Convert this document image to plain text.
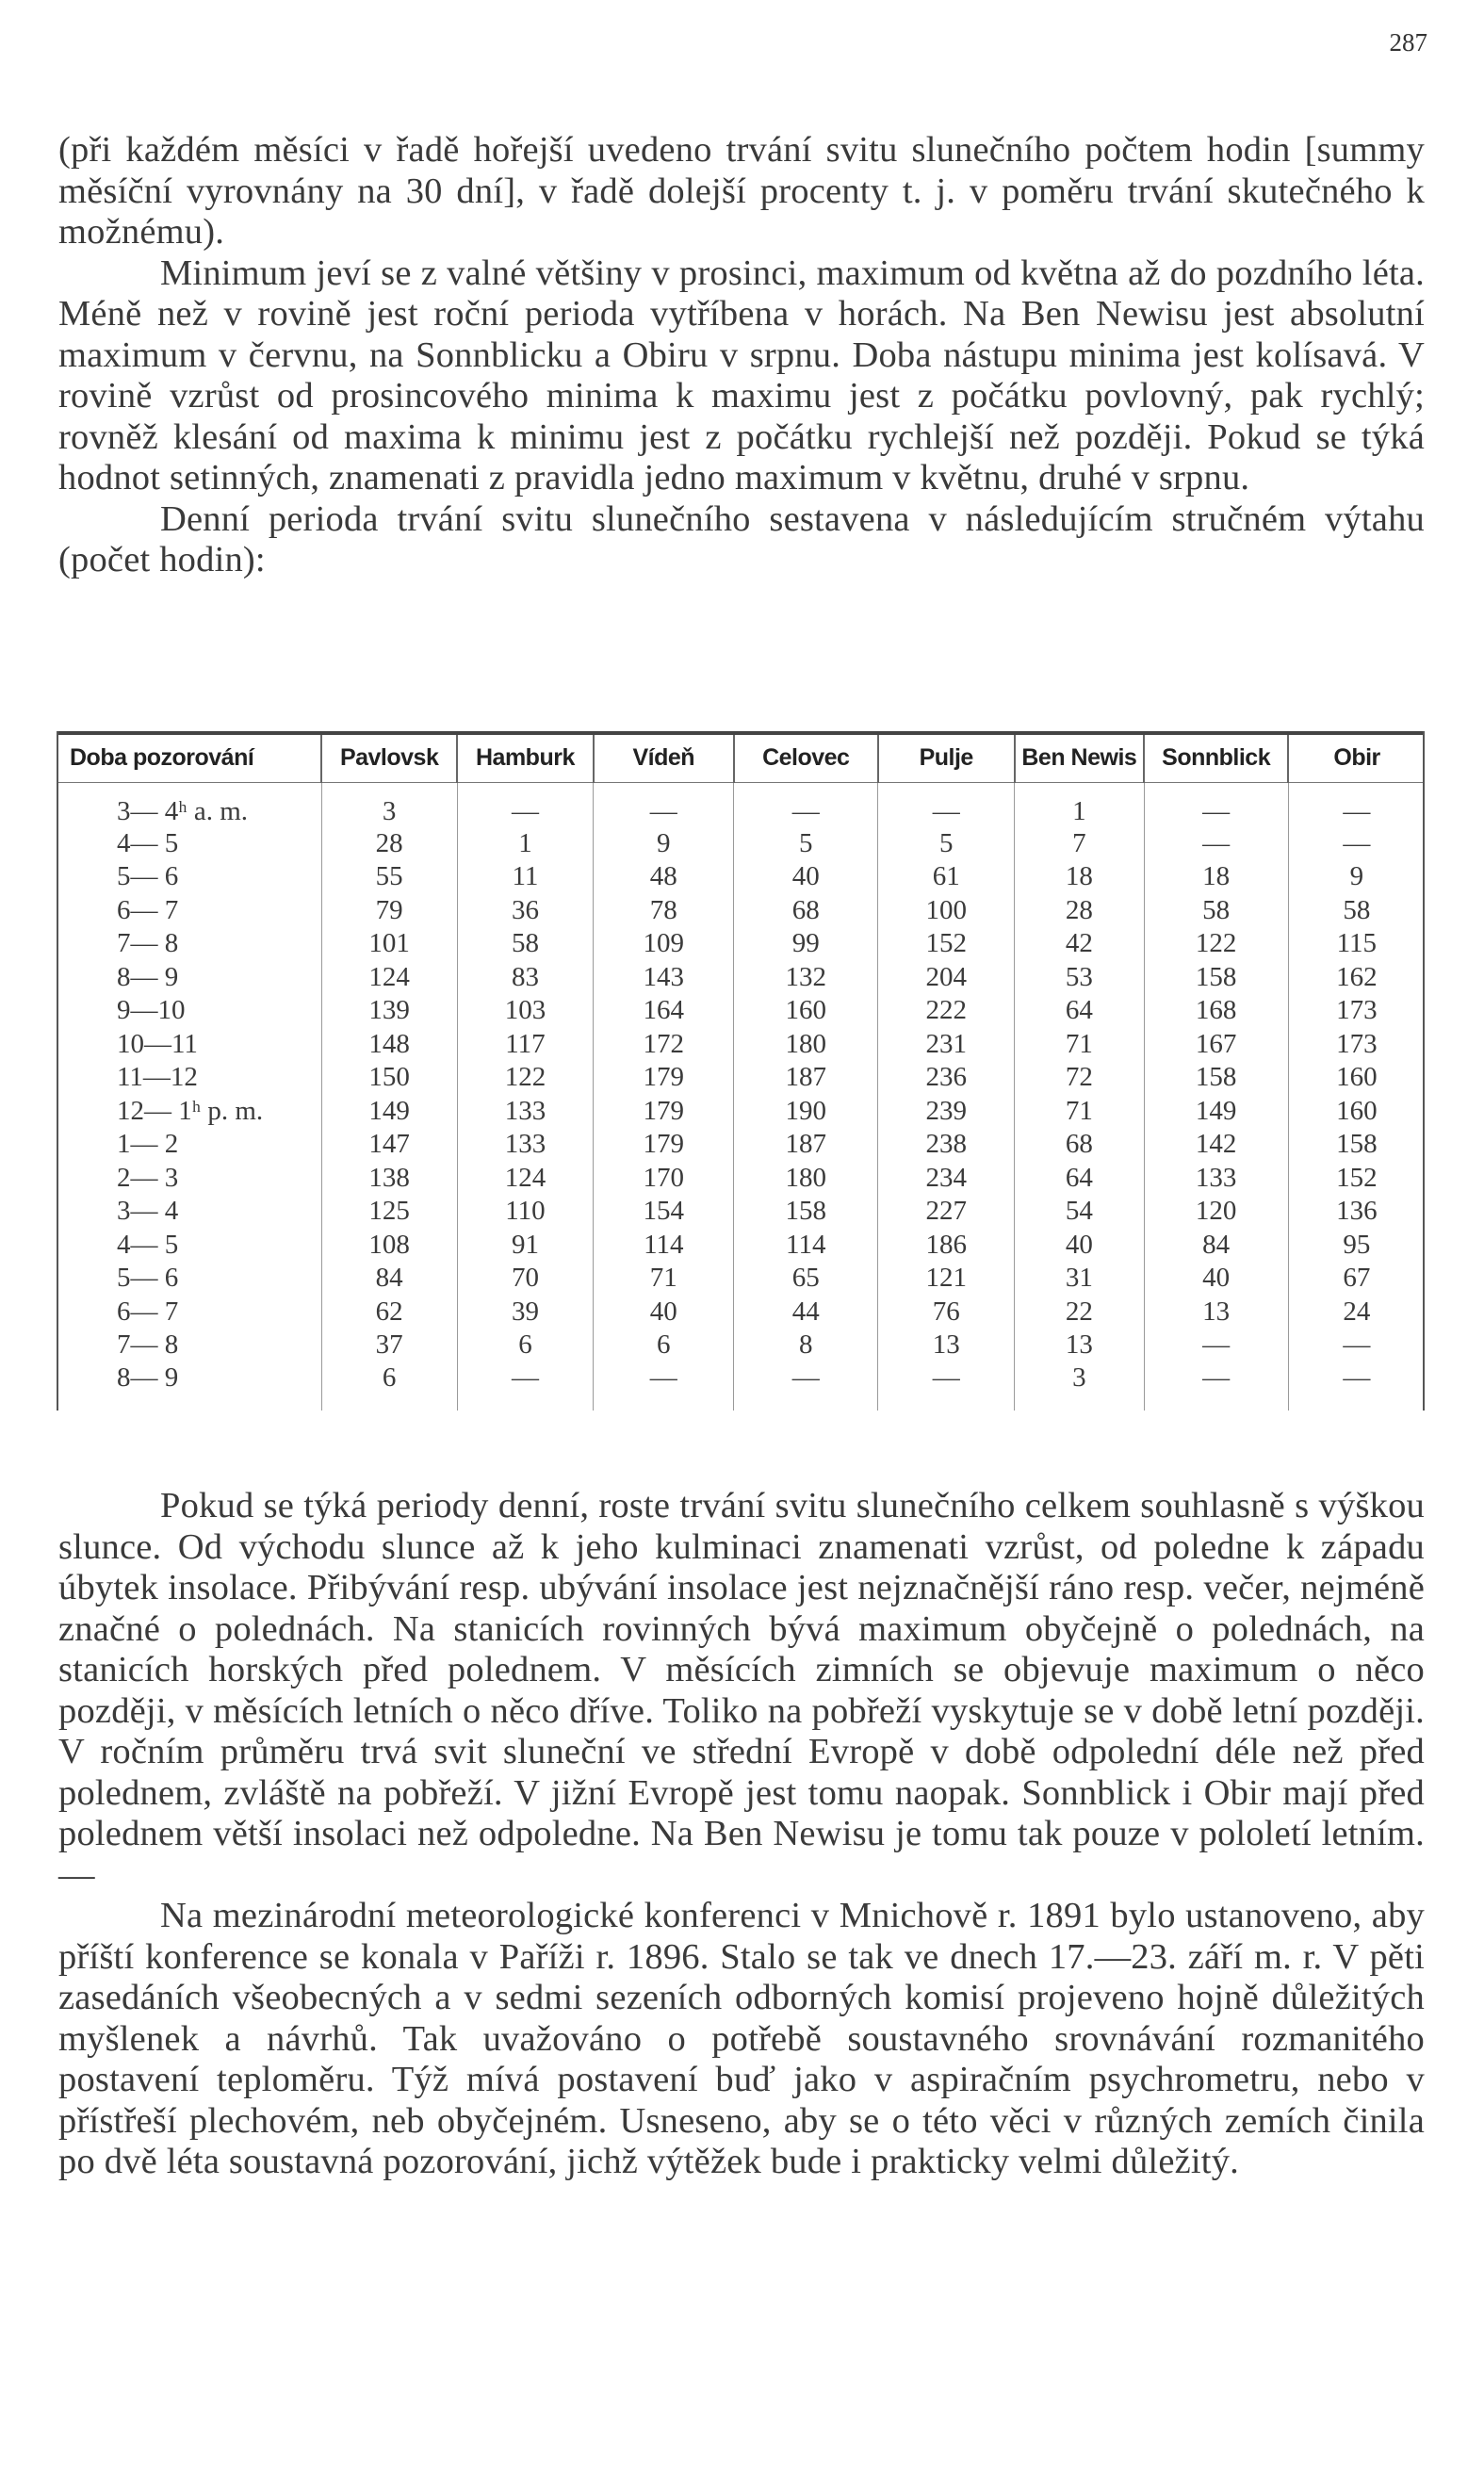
287

(při každém měsíci v řadě hořejší uvedeno trvání svitu slunečního počtem hodin [summy měsíční vyrovnány na 30 dní], v řadě dolejší procenty t. j. v poměru trvání skutečného k možnému).

Minimum jeví se z valné většiny v prosinci, maximum od května až do pozdního léta. Méně než v rovině jest roční perioda vytříbena v horách. Na Ben Newisu jest absolutní maximum v červnu, na Sonnblicku a Obiru v srpnu. Doba nástupu minima jest kolísavá. V rovině vzrůst od prosincového minima k maximu jest z počátku povlovný, pak rychlý; rovněž klesání od maxima k minimu jest z počátku rychlejší než později. Pokud se týká hodnot setinných, znamenati z pravidla jedno maximum v květnu, druhé v srpnu.

Denní perioda trvání svitu slunečního sestavena v následujícím stručném výtahu (počet hodin):

Doba pozorování	Pavlovsk	Hamburk	Vídeň	Celovec	Pulje	Ben Newis	Sonnblick	Obir
3— 4ʰ a. m.	3	—	—	—	—	1	—	—
4— 5	28	1	9	5	5	7	—	—
5— 6	55	11	48	40	61	18	18	9
6— 7	79	36	78	68	100	28	58	58
7— 8	101	58	109	99	152	42	122	115
8— 9	124	83	143	132	204	53	158	162
9—10	139	103	164	160	222	64	168	173
10—11	148	117	172	180	231	71	167	173
11—12	150	122	179	187	236	72	158	160
12— 1ʰ p. m.	149	133	179	190	239	71	149	160
1— 2	147	133	179	187	238	68	142	158
2— 3	138	124	170	180	234	64	133	152
3— 4	125	110	154	158	227	54	120	136
4— 5	108	91	114	114	186	40	84	95
5— 6	84	70	71	65	121	31	40	67
6— 7	62	39	40	44	76	22	13	24
7— 8	37	6	6	8	13	13	—	—
8— 9	6	—	—	—	—	3	—	—

Pokud se týká periody denní, roste trvání svitu slunečního celkem souhlasně s výškou slunce. Od východu slunce až k jeho kulminaci znamenati vzrůst, od poledne k západu úbytek insolace. Přibývání resp. ubývání insolace jest nejznačnější ráno resp. večer, nejméně značné o polednách. Na stanicích rovinných bývá maximum obyčejně o polednách, na stanicích horských před polednem. V měsících zimních se objevuje maximum o něco později, v měsících letních o něco dříve. Toliko na pobřeží vyskytuje se v době letní později. V ročním průměru trvá svit sluneční ve střední Evropě v době odpolední déle než před polednem, zvláště na pobřeží. V jižní Evropě jest tomu naopak. Sonnblick i Obir mají před polednem větší insolaci než odpoledne. Na Ben Newisu je tomu tak pouze v pololetí letním. —

Na mezinárodní meteorologické konferenci v Mnichově r. 1891 bylo ustanoveno, aby příští konference se konala v Paříži r. 1896. Stalo se tak ve dnech 17.—23. září m. r. V pěti zasedáních všeobecných a v sedmi sezeních odborných komisí projeveno hojně důležitých myšlenek a návrhů. Tak uvažováno o potřebě soustavného srovnávání rozmanitého postavení teploměru. Týž mívá postavení buď jako v aspiračním psychrometru, nebo v přístřeší plechovém, neb obyčejném. Usneseno, aby se o této věci v různých zemích činila po dvě léta soustavná pozorování, jichž výtěžek bude i prakticky velmi důležitý.
